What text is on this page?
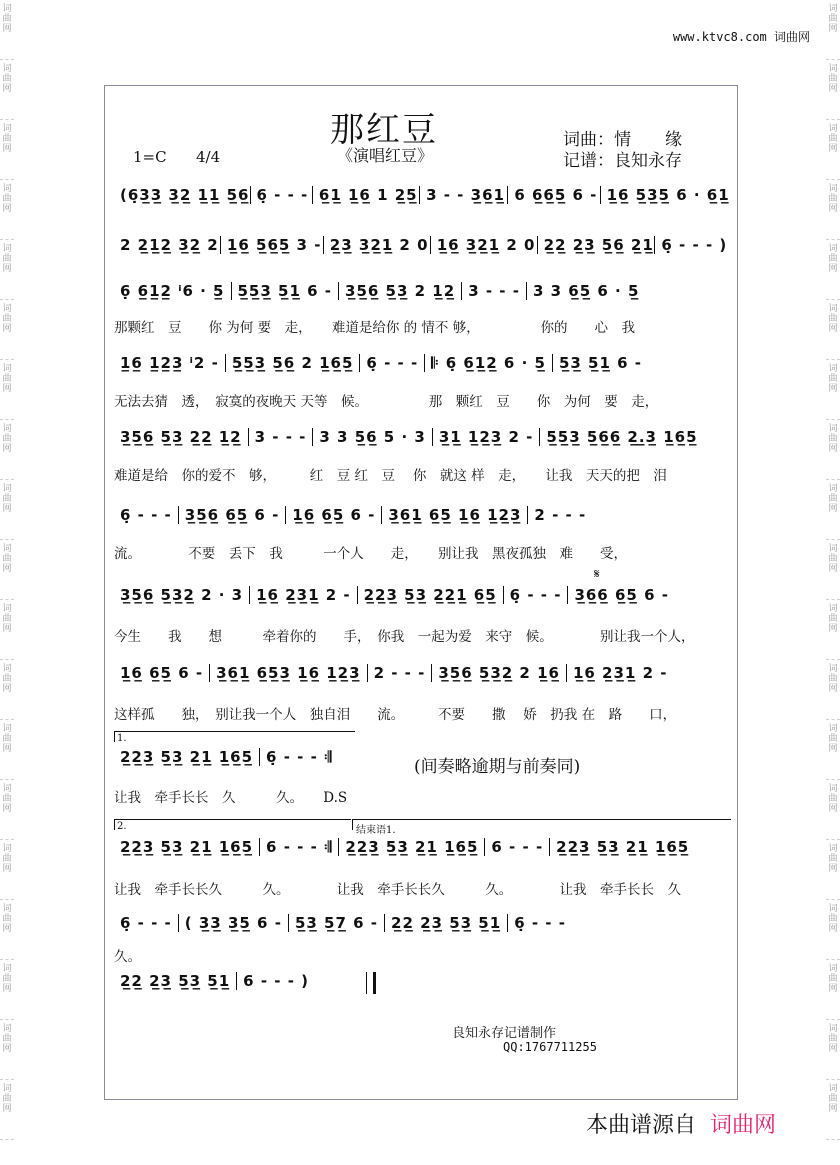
词
曲
网
词
曲
网
词
曲
网
词
曲
网
词
曲
网
词
曲
网
词
曲
网
词
曲
网
词
曲
网
词
曲
网
词
曲
网
词
曲
网
词
曲
网
词
曲
网
词
曲
网
词
曲
网
词
曲
网
词
曲
网
词
曲
网
词
曲
网
词
曲
网
词
曲
网
词
曲
网
词
曲
网
词
曲
网
词
曲
网
词
曲
网
词
曲
网
词
曲
网
词
曲
网
词
曲
网
词
曲
网
词
曲
网
词
曲
网
词
曲
网
词
曲
网
词
曲
网
词
曲
网
www.ktvc8.com 词曲网
那红豆
《演唱红豆》
1=C 4/4
词曲：情　　缘
记谱：良知永存
(6̣3̲3̲ 3̲2̲ 1̲1̲ 5̲6̲ 6̣ - - - 6̲1̲ 1̲6̲ 1 2̲5̲ 3 - - 3̲6̲1̲ 6 6̲6̲5̲ 6 - 1̲6̲ 5̲3̲5̲ 6 · 6̲1̲
2 2̲1̲2̲ 3̲2̲ 2 1̲6̲ 5̲6̲5̲ 3 - 2̲3̲ 3̲2̲1̲ 2 0 1̲6̲ 3̲2̲1̲ 2 0 2̲2̲ 2̲3̲ 5̲6̲ 2̲1̲ 6̣ - - - )
6̣ 6̲1̲2̲ ⁱ6 · 5̲ 5̲5̲3̲ 5̲1̲ 6 - 3̲5̲6̲ 5̲3̲ 2 1̲2̲ 3 - - - 3 3 6̲5̲ 6 · 5̲
1̲6̲ 1̲2̲3̲ ⁱ2 - 5̲5̲3̲ 5̲6̲ 2 1̲6̲5̲ 6̣ - - - 𝄆 6̣ 6̲1̲2̲ 6 · 5̲ 5̲3̲ 5̲1̲ 6 -
3̲5̲6̲ 5̲3̲ 2̲2̲ 1̲2̲ 3 - - - 3 3 5̲6̲ 5 · 3 3̲1̲ 1̲2̲3̲ 2 - 5̲5̲3̲ 5̲6̲6̲ 2̲.̲3̲ 1̲6̲5̲
6̣ - - - 3̲5̲6̲ 6̲5̲ 6 - 1̲6̲ 6̲5̲ 6 - 3̲6̲1̲ 6̲5̲ 1̲6̲ 1̲2̲3̲ 2 - - -
3̲5̲6̲ 5̲3̲2̲ 2 · 3 1̲6̲ 2̲3̲1̲ 2 - 2̲2̲3̲ 5̲3̲ 2̲2̲1̲ 6̲5̲ 6̣ - - - 3̲6̲6̲ 6̲5̲ 6 -
1̲6̲ 6̲5̲ 6 - 3̲6̲1̲ 6̲5̲3̲ 1̲6̲ 1̲2̲3̲ 2 - - - 3̲5̲6̲ 5̲3̲2̲ 2 1̲6̲ 1̲6̲ 2̲3̲1̲ 2 -
2̲2̲3̲ 5̲3̲ 2̲1̲ 1̲6̲5̲ 6̣ - - - 𝄇
2̲2̲3̲ 5̲3̲ 2̲1̲ 1̲6̲5̲ 6 - - - 𝄇 2̲2̲3̲ 5̲3̲ 2̲1̲ 1̲6̲5̲ 6 - - - 2̲2̲3̲ 5̲3̲ 2̲1̲ 1̲6̲5̲
6̣ - - - ( 3̲3̲ 3̲5̲ 6 - 5̲3̲ 5̲7̲ 6 - 2̲2̲ 2̲3̲ 5̲3̲ 5̲1̲ 6̣ - - -
2̲2̲ 2̲3̲ 5̲3̲ 5̲1̲ 6 - - - )
那颗红　豆　　你 为何 要　走，　　难道是给你 的 情不 够，　　　　　你的　　心　我
无法去猜　透，　寂寞的夜晚天 天等　候。　　　　　那　颗红　豆　　你　为何　要　走，
难道是给　你的爱不　够，　　　红　豆 红　豆　 你　就这 样　走，　　让我　天天的把　泪
流。　　　　不要　丢下　我　　　一个人　　走，　　别让我　黑夜孤独　难　　受，
今生　　我　　想　　　牵着你的　　手，　你我　一起为爱　来守　候。　　　　别让我一个人，
这样孤　　独，　别让我一个人　独自泪　　流。　　　不要　　撒　 娇　扔我 在　路　　口，
让我　牵手长长　久　　　久。　　D.S
让我　牵手长长久　　　久。　　　　让我　牵手长长久　　　久。　　　　让我　牵手长长　久
久。
𝄋
1.
2.	结束语1.
(间奏略逾期与前奏同)
良知永存记谱制作
QQ:1767711255
本曲谱源自 词曲网
